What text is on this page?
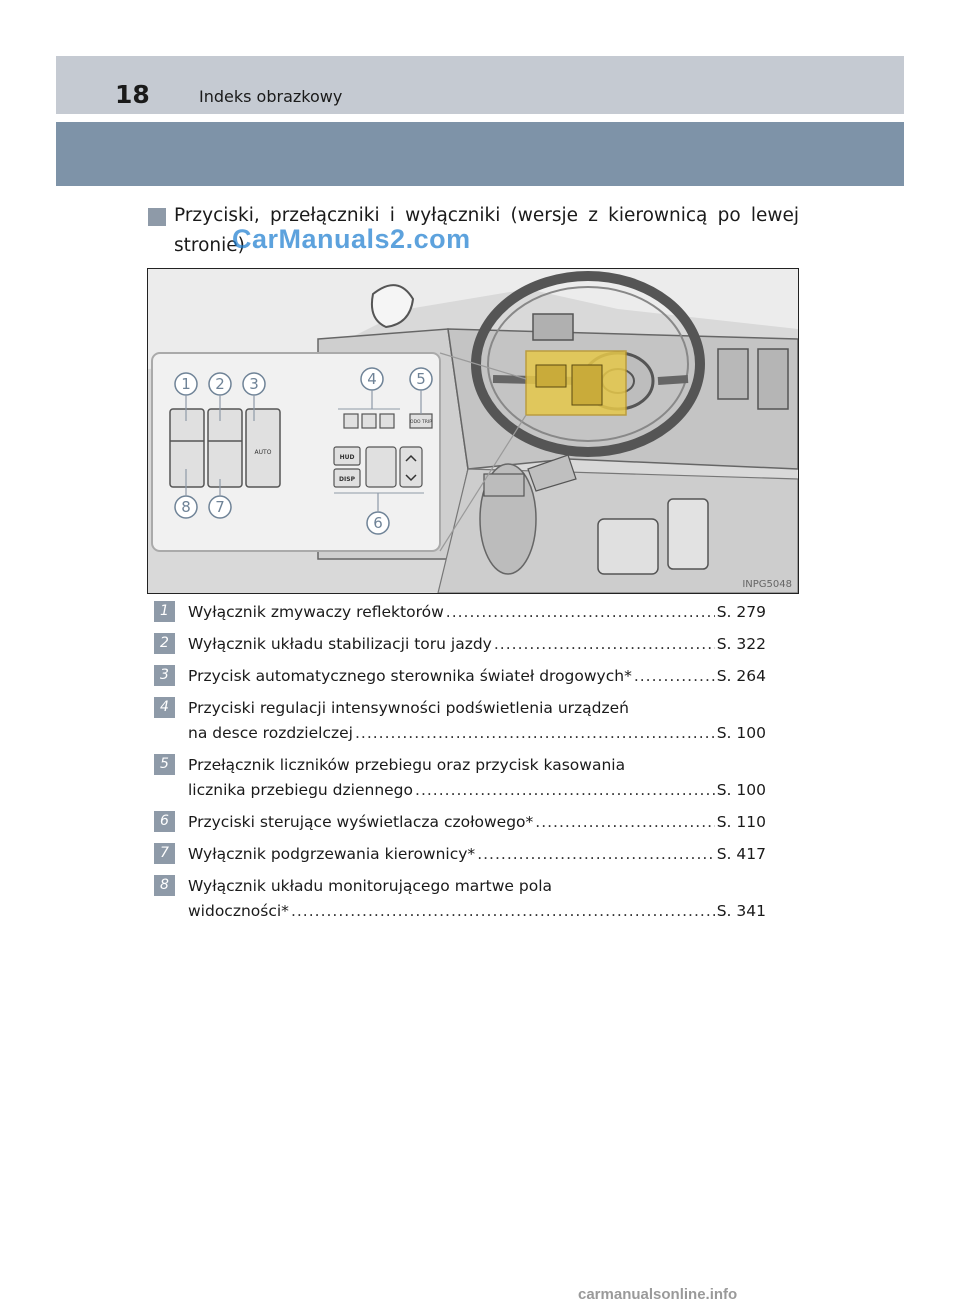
18	Indeks obrazkowy
Przyciski, przełączniki i wyłączniki (wersje z kierownicą po lewej stronie)
CarManuals2.com
AUTO
ODO TRIP
HUD
DISP
1 2 3	4	5
6
7
8
INPG5048
1	Wyłącznik zmywaczy reflektorów .....	S. 279
2	Wyłącznik układu stabilizacji toru jazdy .....	S. 322
3	Przycisk automatycznego sterownika świateł drogowych* .....	S. 264
4	Przyciski regulacji intensywności podświetlenia urządzeń
na desce rozdzielczej .....	S. 100
5	Przełącznik liczników przebiegu oraz przycisk kasowania
licznika przebiegu dziennego .....	S. 100
6	Przyciski sterujące wyświetlacza czołowego* .....	S. 110
7	Wyłącznik podgrzewania kierownicy* .....	S. 417
8	Wyłącznik układu monitorującego martwe pola
widoczności* .....	S. 341
carmanualsonline.info
